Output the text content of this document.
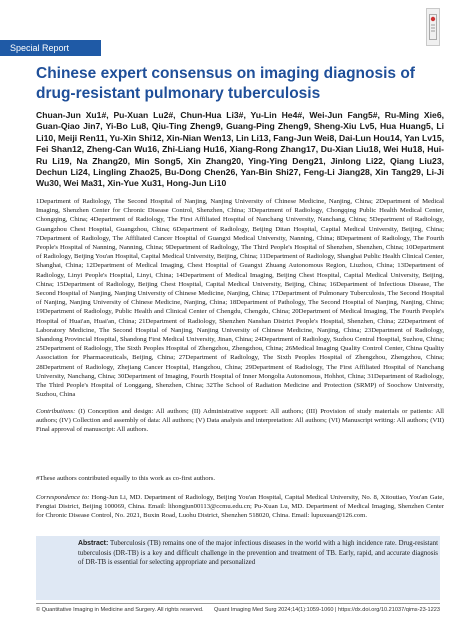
Special Report
Chinese expert consensus on imaging diagnosis of drug-resistant pulmonary tuberculosis

Chuan-Jun Xu1#, Pu-Xuan Lu2#, Chun-Hua Li3#, Yu-Lin He4#, Wei-Jun Fang5#, Ru-Ming Xie6, Guan-Qiao Jin7, Yi-Bo Lu8, Qiu-Ting Zheng9, Guang-Ping Zheng9, Sheng-Xiu Lv5, Hua Huang5, Li Li10, Meiji Ren11, Yu-Xin Shi12, Xin-Nian Wen13, Lin Li13, Fang-Jun Wei8, Dai-Lun Hou14, Yan Lv15, Fei Shan12, Zheng-Can Wu16, Zhi-Liang Hu16, Xiang-Rong Zhang17, Du-Xian Liu18, Wei Hu18, Hui-Ru Li19, Na Zhang20, Min Song5, Xin Zhang20, Ying-Ying Deng21, Jinlong Li22, Qiang Liu23, Dechun Li24, Lingling Zhao25, Bu-Dong Chen26, Yan-Bin Shi27, Feng-Li Jiang28, Xin Tang29, Li-Ji Wu30, Wei Ma31, Xin-Yue Xu31, Hong-Jun Li10

1Department of Radiology, The Second Hospital of Nanjing, Nanjing University of Chinese Medicine, Nanjing, China; 2Department of Medical Imaging, Shenzhen Center for Chronic Disease Control, Shenzhen, China; 3Department of Radiology, Chongqing Public Health Medical Center, Chongqing, China; 4Department of Radiology, The First Affiliated Hospital of Nanchang University, Nanchang, China; 5Department of Radiology, Guangzhou Chest Hospital, Guangzhou, China; 6Department of Radiology, Beijing Ditan Hospital, Capital Medical University, Beijing, China; 7Department of Radiology, The Affiliated Cancer Hospital of Guangxi Medical University, Nanning, China; 8Department of Radiology, The Fourth People's Hospital of Nanning, Nanning, China; 9Department of Radiology, The Third People's Hospital of Shenzhen, Shenzhen, China; 10Department of Radiology, Beijing You'an Hospital, Capital Medical University, Beijing, China; 11Department of Radiology, Shanghai Public Health Clinical Center, Shanghai, China; 12Department of Medical Imaging, Chest Hospital of Guangxi Zhuang Autonomous Region, Liuzhou, China; 13Department of Radiology, Linyi People's Hospital, Linyi, China; 14Department of Medical Imaging, Beijing Chest Hospital, Capital Medical University, Beijing, China; 15Department of Radiology, Beijing Chest Hospital, Capital Medical University, Beijing, China; 16Department of Infectious Disease, The Second Hospital of Nanjing, Nanjing University of Chinese Medicine, Nanjing, China; 17Department of Pulmonary Tuberculosis, The Second Hospital of Nanjing, Nanjing University of Chinese Medicine, Nanjing, China; 18Department of Pathology, The Second Hospital of Nanjing, Nanjing, China; 19Department of Radiology, Public Health and Clinical Center of Chengdu, Chengdu, China; 20Department of Medical Imaging, The Fourth People's Hospital of Huai'an, Huai'an, China; 21Department of Radiology, Shenzhen Nanshan District People's Hospital, Shenzhen, China; 22Department of Laboratory Medicine, The Second Hospital of Nanjing, Nanjing University of Chinese Medicine, Nanjing, China; 23Department of Radiology, Shandong Provincial Hospital, Shandong First Medical University, Jinan, China; 24Department of Radiology, Suzhou Central Hospital, Suzhou, China; 25Department of Radiology, The Sixth Peoples Hospital of Zhengzhou, Zhengzhou, China; 26Medical Imaging Quality Control Center, China Quality Association for Pharmaceuticals, Beijing, China; 27Department of Radiology, The Sixth Peoples Hospital of Zhengzhou, Zhengzhou, China; 28Department of Radiology, Zhejiang Cancer Hospital, Hangzhou, China; 29Department of Radiology, The First Affiliated Hospital of Nanchang University, Nanchang, China; 30Department of Imaging, Fourth Hospital of Inner Mongolia Autonomous, Hohhot, China; 31Department of Radiology, The Third People's Hospital of Longgang, Shenzhen, China; 32The School of Radiation Medicine and Protection (SRMP) of Soochow University, Suzhou, China

Contributions: (I) Conception and design: All authors; (II) Administrative support: All authors; (III) Provision of study materials or patients: All authors; (IV) Collection and assembly of data: All authors; (V) Data analysis and interpretation: All authors; (VI) Manuscript writing: All authors; (VII) Final approval of manuscript: All authors.

#These authors contributed equally to this work as co-first authors.

Correspondence to: Hong-Jun Li, MD. Department of Radiology, Beijing You'an Hospital, Capital Medical University, No. 8, Xitoutiao, You'an Gate, Fengtai District, Beijing 100069, China. Email: lihongjun00113@ccmu.edu.cn; Pu-Xuan Lu, MD. Department of Medical Imaging, Shenzhen Center for Chronic Disease Control, No. 2021, Buxin Road, Luohu District, Shenzhen 518020, China. Email: lupuxuan@126.com.

Abstract: Tuberculosis (TB) remains one of the major infectious diseases in the world with a high incidence rate. Drug-resistant tuberculosis (DR-TB) is a key and difficult challenge in the prevention and treatment of TB. Early, rapid, and accurate diagnosis of DR-TB is essential for selecting appropriate and personalized

© Quantitative Imaging in Medicine and Surgery. All rights reserved. Quant Imaging Med Surg 2024;14(1):1059-1060 | https://dx.doi.org/10.21037/qims-23-1223
